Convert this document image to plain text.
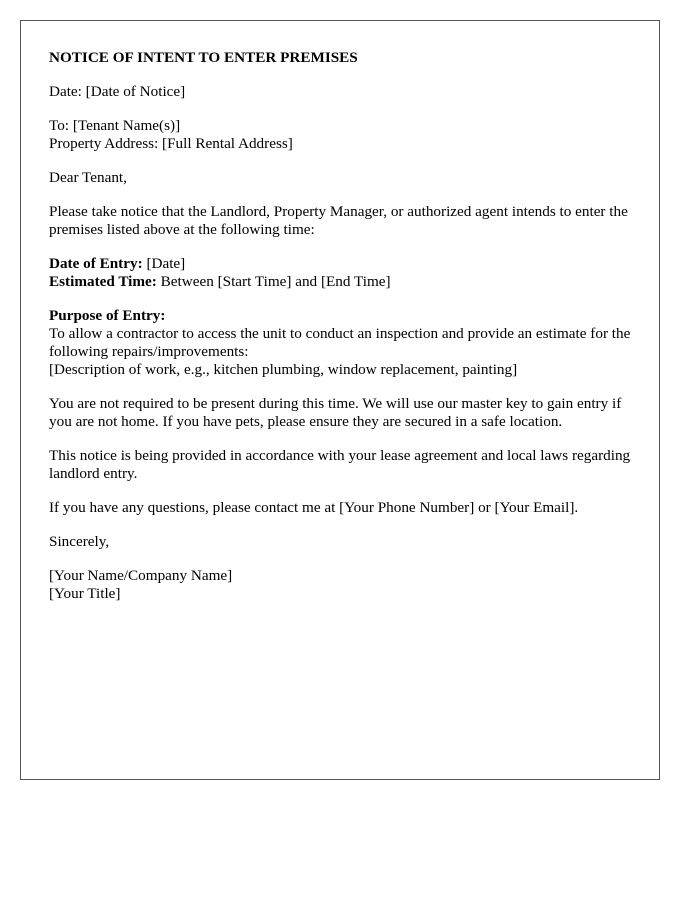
NOTICE OF INTENT TO ENTER PREMISES

Date: [Date of Notice]

To: [Tenant Name(s)]
Property Address: [Full Rental Address]

Dear Tenant,

Please take notice that the Landlord, Property Manager, or authorized agent intends to enter the premises listed above at the following time:

Date of Entry: [Date]
Estimated Time: Between [Start Time] and [End Time]

Purpose of Entry:
To allow a contractor to access the unit to conduct an inspection and provide an estimate for the following repairs/improvements:
[Description of work, e.g., kitchen plumbing, window replacement, painting]

You are not required to be present during this time. We will use our master key to gain entry if you are not home. If you have pets, please ensure they are secured in a safe location.

This notice is being provided in accordance with your lease agreement and local laws regarding landlord entry.

If you have any questions, please contact me at [Your Phone Number] or [Your Email].

Sincerely,

[Your Name/Company Name]
[Your Title]
